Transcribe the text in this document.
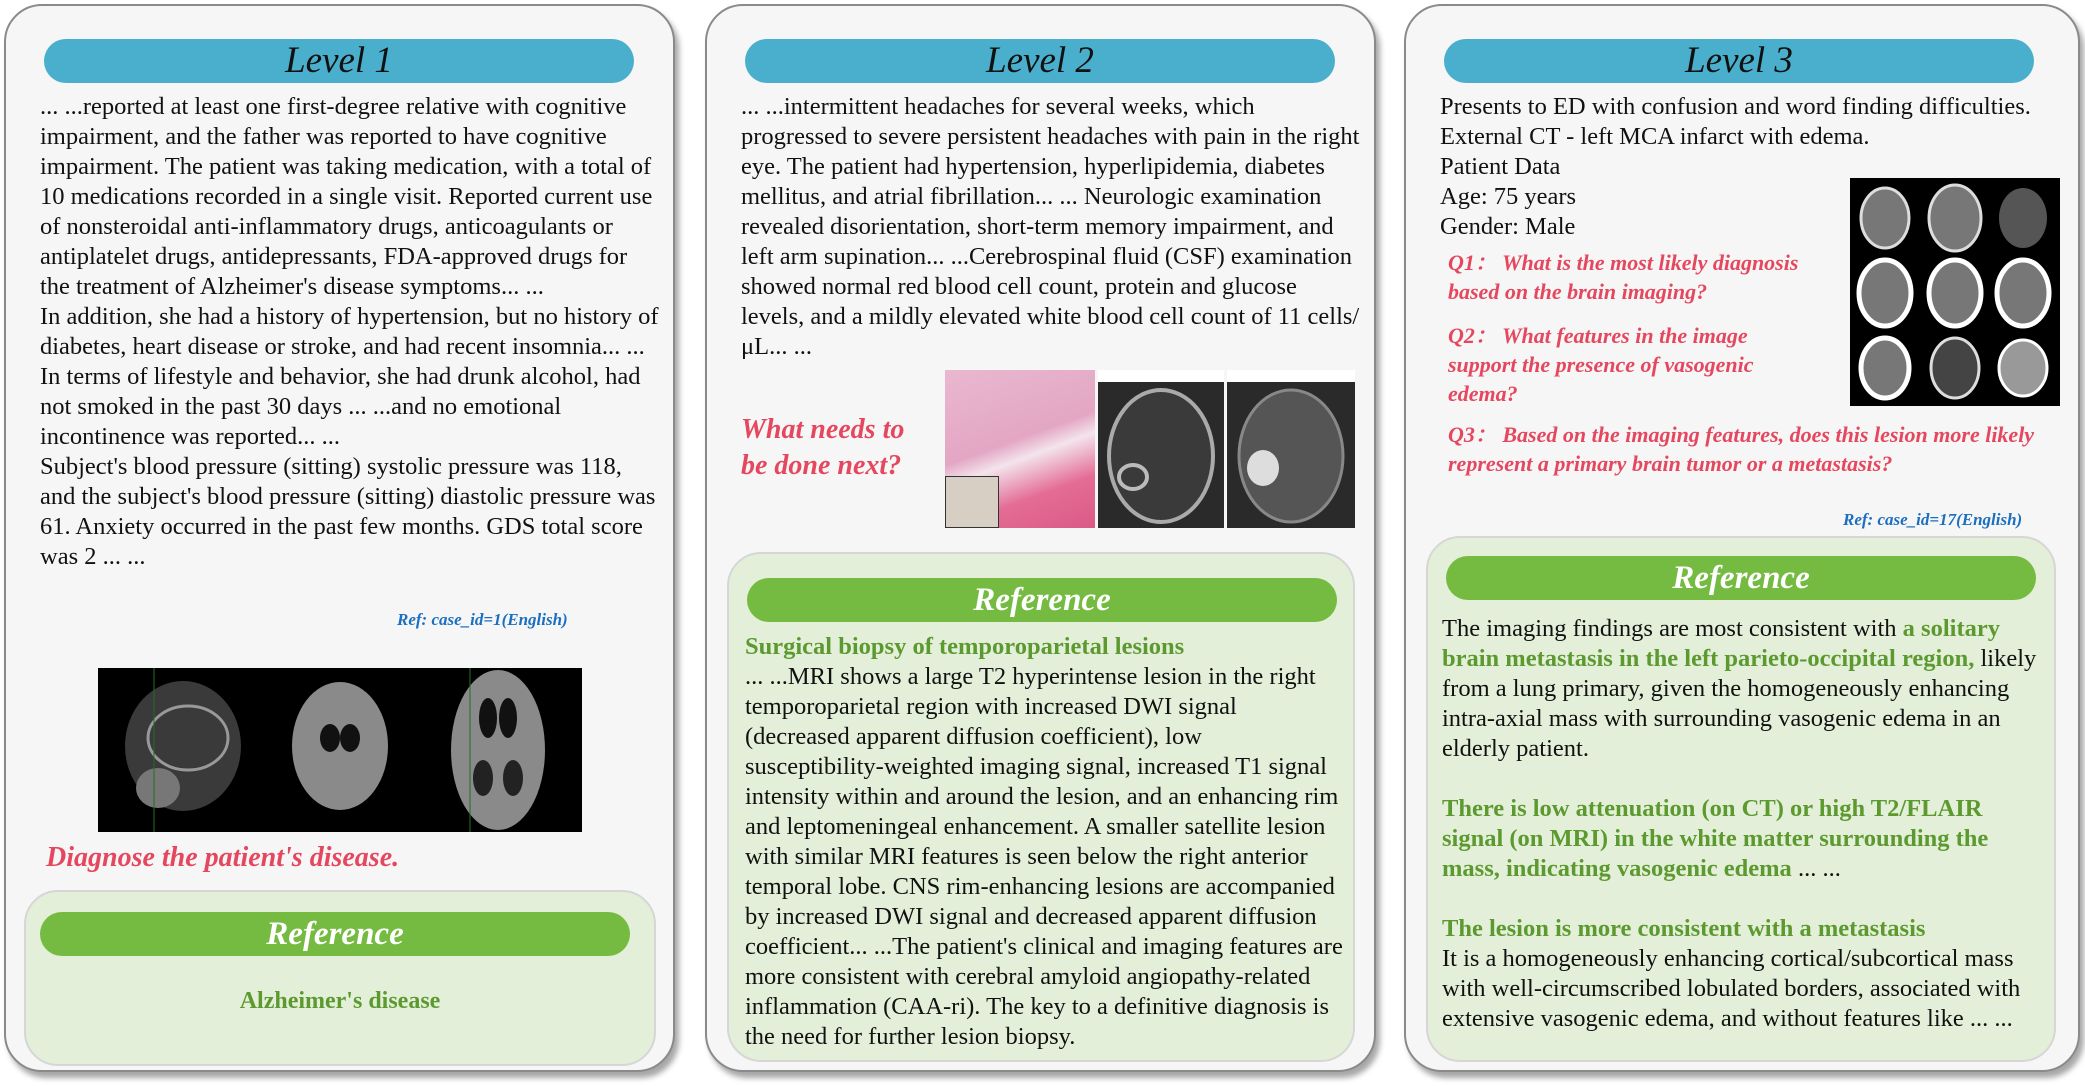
Level 1

... ...reported at least one first-degree relative with cognitive impairment, and the father was reported to have cognitive impairment. The patient was taking medication, with a total of 10 medications recorded in a single visit. Reported current use of nonsteroidal anti-inflammatory drugs, anticoagulants or antiplatelet drugs, antidepressants, FDA-approved drugs for the treatment of Alzheimer's disease symptoms... ...

In addition, she had a history of hypertension, but no history of diabetes, heart disease or stroke, and had recent insomnia... ...

In terms of lifestyle and behavior, she had drunk alcohol, had not smoked in the past 30 days ... ...and no emotional incontinence was reported... ...

Subject's blood pressure (sitting) systolic pressure was 118, and the subject's blood pressure (sitting) diastolic pressure was 61. Anxiety occurred in the past few months. GDS total score was 2 ... ...

Ref: case_id=1(English)
Diagnose the patient's disease.
Reference
Alzheimer's disease
Level 2
... ...intermittent headaches for several weeks, which progressed to severe persistent headaches with pain in the right eye. The patient had hypertension, hyperlipidemia, diabetes mellitus, and atrial fibrillation... ... Neurologic examination revealed disorientation, short-term memory impairment, and left arm supination... ...Cerebrospinal fluid (CSF) examination showed normal red blood cell count, protein and glucose levels, and a mildly elevated white blood cell count of 11 cells/μL... ...
What needs to be done next?
Reference

Surgical biopsy of temporoparietal lesions

... ...MRI shows a large T2 hyperintense lesion in the right temporoparietal region with increased DWI signal (decreased apparent diffusion coefficient), low susceptibility-weighted imaging signal, increased T1 signal intensity within and around the lesion, and an enhancing rim and leptomeningeal enhancement. A smaller satellite lesion with similar MRI features is seen below the right anterior temporal lobe. CNS rim-enhancing lesions are accompanied by increased DWI signal and decreased apparent diffusion coefficient... ...The patient's clinical and imaging features are more consistent with cerebral amyloid angiopathy-related inflammation (CAA-ri). The key to a definitive diagnosis is the need for further lesion biopsy.

Level 3

Presents to ED with confusion and word finding difficulties.

External CT - left MCA infarct with edema.

Patient Data

Age: 75 years

Gender: Male

Q1： What is the most likely diagnosis based on the brain imaging?
Q2： What features in the image support the presence of vasogenic edema?
Q3： Based on the imaging features, does this lesion more likely represent a primary brain tumor or a metastasis?
Ref: case_id=17(English)
Reference

The imaging findings are most consistent with a solitary brain metastasis in the left parieto-occipital region, likely from a lung primary, given the homogeneously enhancing intra-axial mass with surrounding vasogenic edema in an elderly patient.

There is low attenuation (on CT) or high T2/FLAIR signal (on MRI) in the white matter surrounding the mass, indicating vasogenic edema ... ...

The lesion is more consistent with a metastasis

It is a homogeneously enhancing cortical/subcortical mass with well-circumscribed lobulated borders, associated with extensive vasogenic edema, and without features like ... ...
